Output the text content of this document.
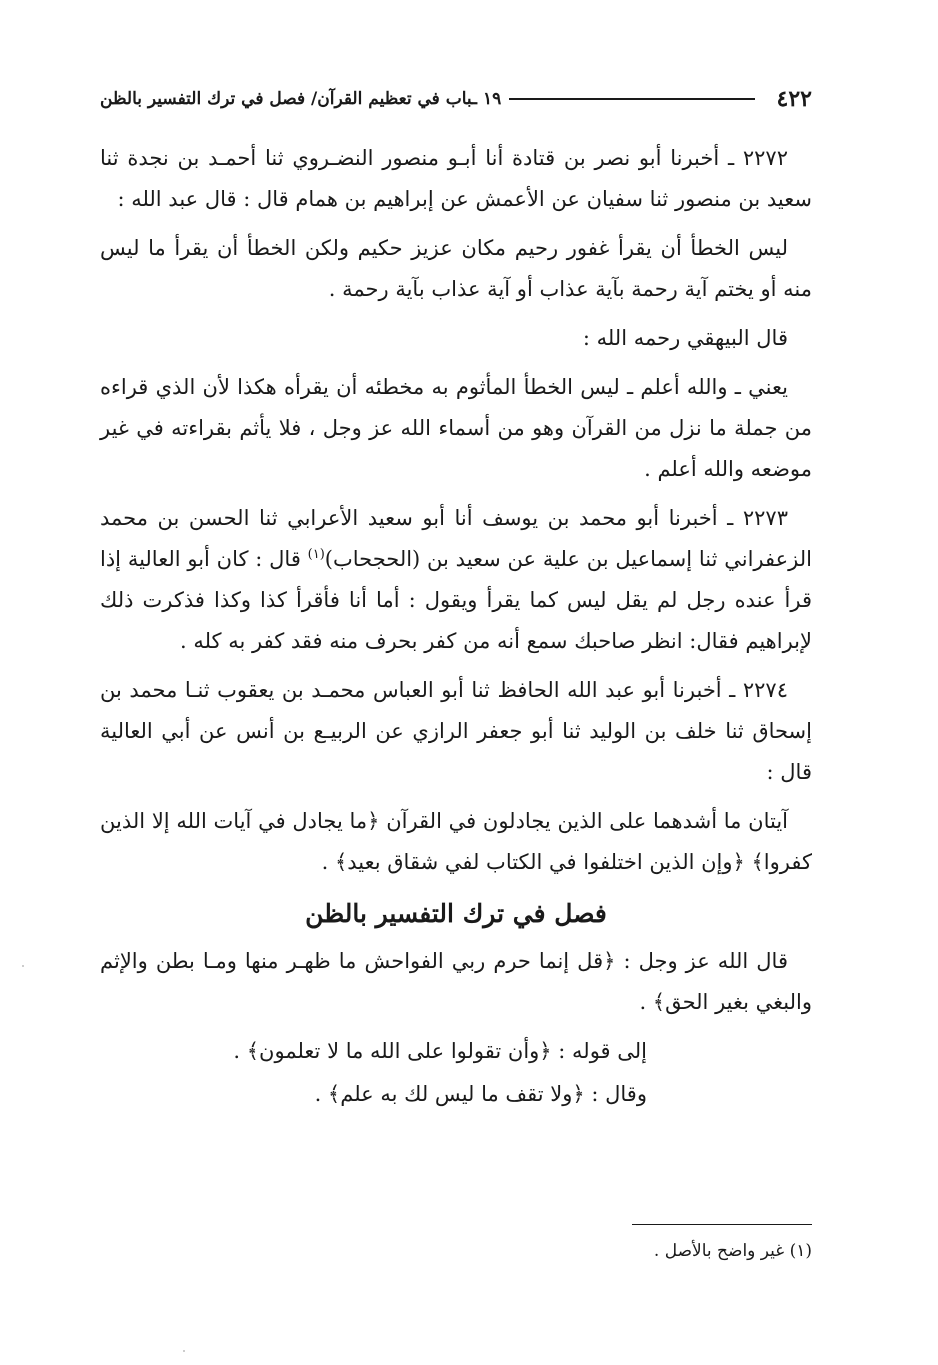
٤٢٢
١٩ ـباب في تعظيم القرآن/ فصل في ترك التفسير بالظن

٢٢٧٢ ـ أخبرنا أبو نصر بن قتادة أنا أبـو منصور النضـروي ثنا أحمـد بن نجدة ثنا سعيد بن منصور ثنا سفيان عن الأعمش عن إبراهيم بن همام قال : قال عبد الله :

ليس الخطأ أن يقرأ غفور رحيم مكان عزيز حكيم ولكن الخطأ أن يقرأ ما ليس منه أو يختم آية رحمة بآية عذاب أو آية عذاب بآية رحمة .

قال البيهقي رحمه الله :

يعني ـ والله أعلم ـ ليس الخطأ المأثوم به مخطئه أن يقرأه هكذا لأن الذي قراءه من جملة ما نزل من القرآن وهو من أسماء الله عز وجل ، فلا يأثم بقراءته في غير موضعه والله أعلم .

٢٢٧٣ ـ أخبرنا أبو محمد بن يوسف أنا أبو سعيد الأعرابي ثنا الحسن بن محمد الزعفراني ثنا إسماعيل بن علية عن سعيد بن (الحجحاب)$^{(١)}$ قال : كان أبو العالية إذا قرأ عنده رجل لم يقل ليس كما يقرأ ويقول : أما أنا فأقرأ كذا وكذا فذكرت ذلك لإبراهيم فقال: انظر صاحبك سمع أنه من كفر بحرف منه فقد كفر به كله .

٢٢٧٤ ـ أخبرنا أبو عبد الله الحافظ ثنا أبو العباس محمـد بن يعقوب ثنـا محمد بن إسحاق ثنا خلف بن الوليد ثنا أبو جعفر الرازي عن الربيـع بن أنس عن أبي العالية قال :

آيتان ما أشدهما على الذين يجادلون في القرآن ﴿ما يجادل في آيات الله إلا الذين كفروا﴾ ﴿وإن الذين اختلفوا في الكتاب لفي شقاق بعيد﴾ .

فصل في ترك التفسير بالظن

قال الله عز وجل : ﴿قل إنما حرم ربي الفواحش ما ظهـر منها ومـا بطن والإثم والبغي بغير الحق﴾ .

إلى قوله : ﴿وأن تقولوا على الله ما لا تعلمون﴾ .

وقال : ﴿ولا تقف ما ليس لك به علم﴾ .

(١) غير واضح بالأصل .
